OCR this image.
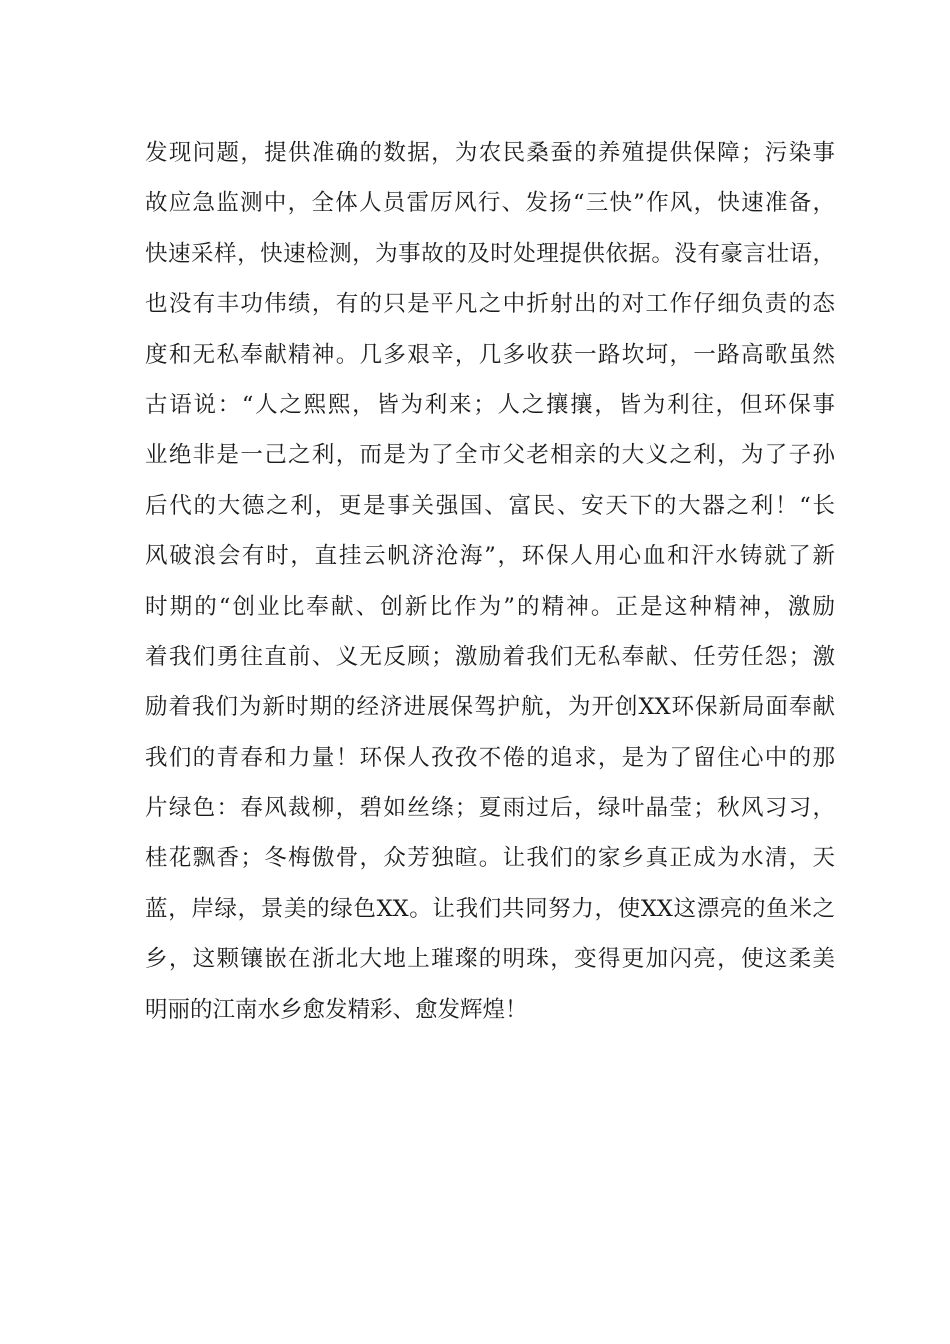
发现问题，提供准确的数据，为农民桑蚕的养殖提供保障；污染事
故应急监测中，全体人员雷厉风行、发扬“三快”作风，快速准备，
快速采样，快速检测，为事故的及时处理提供依据。没有豪言壮语，
也没有丰功伟绩，有的只是平凡之中折射出的对工作仔细负责的态
度和无私奉献精神。几多艰辛，几多收获一路坎坷，一路高歌虽然
古语说：“人之熙熙，皆为利来；人之攘攘，皆为利往，但环保事
业绝非是一己之利，而是为了全市父老相亲的大义之利，为了子孙
后代的大德之利，更是事关强国、富民、安天下的大器之利！“长
风破浪会有时，直挂云帆济沧海”，环保人用心血和汗水铸就了新
时期的“创业比奉献、创新比作为”的精神。正是这种精神，激励
着我们勇往直前、义无反顾；激励着我们无私奉献、任劳任怨；激
励着我们为新时期的经济进展保驾护航，为开创XX环保新局面奉献
我们的青春和力量！环保人孜孜不倦的追求，是为了留住心中的那
片绿色：春风裁柳，碧如丝绦；夏雨过后，绿叶晶莹；秋风习习，
桂花飘香；冬梅傲骨，众芳独暄。让我们的家乡真正成为水清，天
蓝，岸绿，景美的绿色XX。让我们共同努力，使XX这漂亮的鱼米之
乡，这颗镶嵌在浙北大地上璀璨的明珠，变得更加闪亮，使这柔美
明丽的江南水乡愈发精彩、愈发辉煌！
